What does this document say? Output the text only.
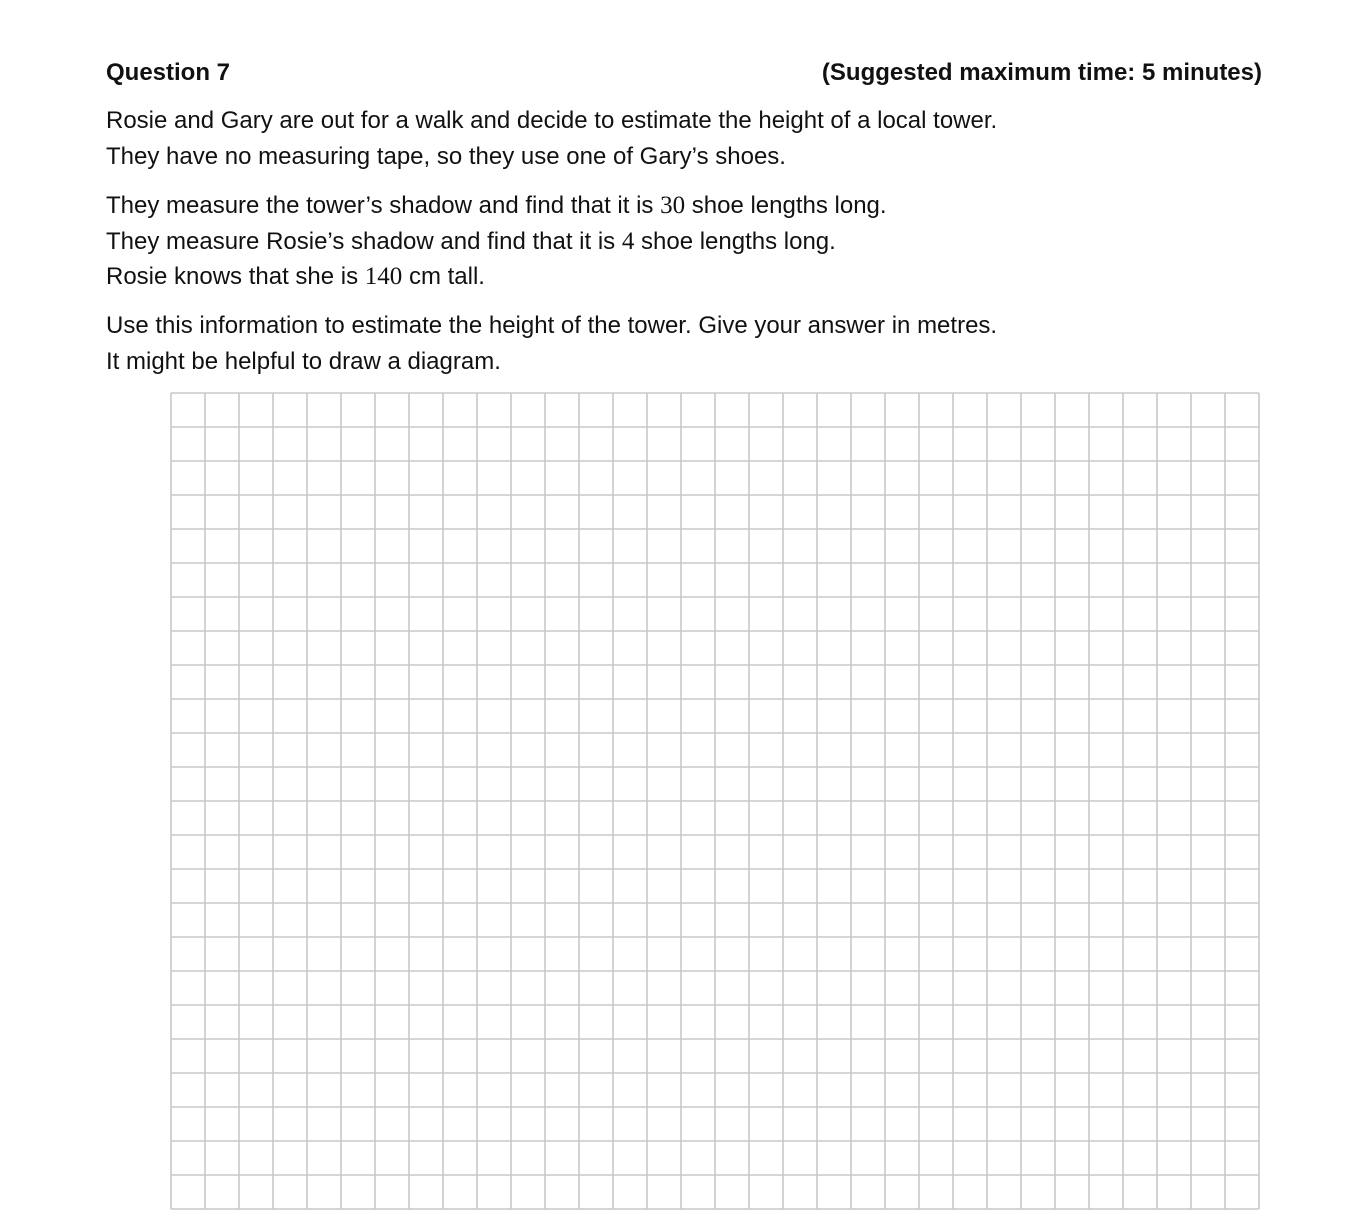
Question 7	(Suggested maximum time: 5 minutes)
Rosie and Gary are out for a walk and decide to estimate the height of a local tower.
They have no measuring tape, so they use one of Gary’s shoes.
They measure the tower’s shadow and find that it is 30 shoe lengths long.
They measure Rosie’s shadow and find that it is 4 shoe lengths long.
Rosie knows that she is 140 cm tall.
Use this information to estimate the height of the tower. Give your answer in metres.
It might be helpful to draw a diagram.
